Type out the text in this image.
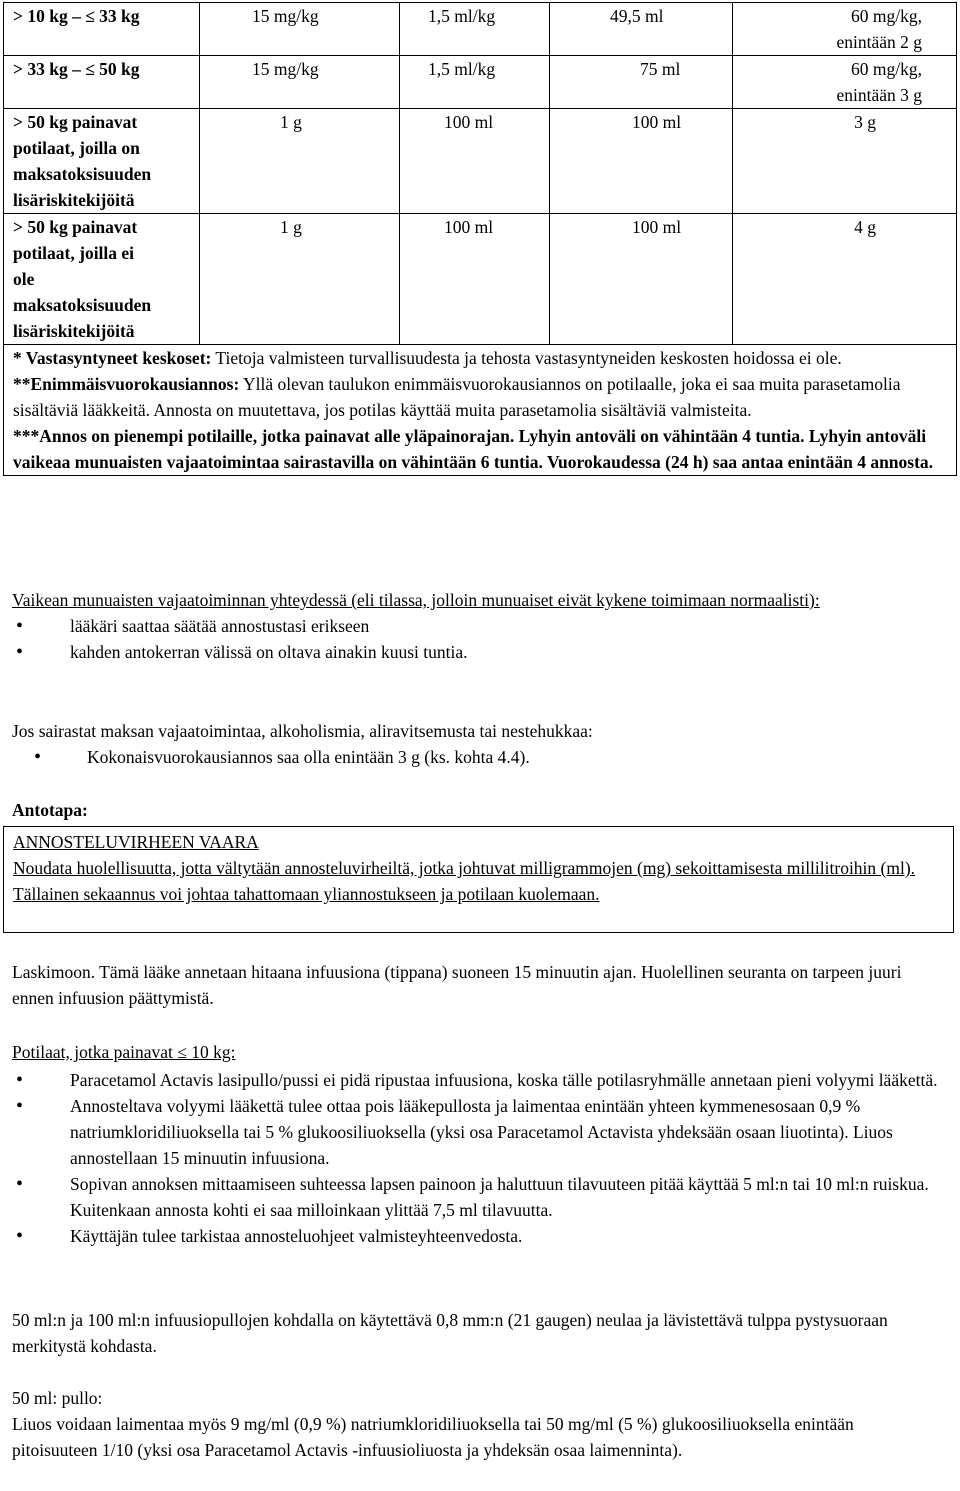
> 10 kg – ≤ 33 kg	15 mg/kg	1,5 ml/kg	49,5 ml	60 mg/kg,
enintään 2 g
> 33 kg – ≤ 50 kg	15 mg/kg	1,5 ml/kg	75 ml	60 mg/kg,
enintään 3 g
> 50 kg painavat
potilaat, joilla on
maksatoksisuuden
lisäriskitekijöitä	1 g	100 ml	100 ml	3 g
> 50 kg painavat
potilaat, joilla ei
ole
maksatoksisuuden
lisäriskitekijöitä	1 g	100 ml	100 ml	4 g

* Vastasyntyneet keskoset: Tietoja valmisteen turvallisuudesta ja tehosta vastasyntyneiden keskosten hoidossa ei ole.
**Enimmäisvuorokausiannos: Yllä olevan taulukon enimmäisvuorokausiannos on potilaalle, joka ei saa muita parasetamolia sisältäviä lääkkeitä. Annosta on muutettava, jos potilas käyttää muita parasetamolia sisältäviä valmisteita.
***Annos on pienempi potilaille, jotka painavat alle yläpainorajan. Lyhyin antoväli on vähintään 4 tuntia. Lyhyin antoväli vaikeaa munuaisten vajaatoimintaa sairastavilla on vähintään 6 tuntia. Vuorokaudessa (24 h) saa antaa enintään 4 annosta.				
Vaikean munuaisten vajaatoiminnan yhteydessä (eli tilassa, jolloin munuaiset eivät kykene toimimaan normaalisti):
• lääkäri saattaa säätää annostustasi erikseen
• kahden antokerran välissä on oltava ainakin kuusi tuntia.
Jos sairastat maksan vajaatoimintaa, alkoholismia, aliravitsemusta tai nestehukkaa:
• Kokonaisvuorokausiannos saa olla enintään 3 g (ks. kohta 4.4).
Antotapa:
ANNOSTELUVIRHEEN VAARA
Noudata huolellisuutta, jotta vältytään annosteluvirheiltä, jotka johtuvat milligrammojen (mg) sekoittamisesta millilitroihin (ml). Tällainen sekaannus voi johtaa tahattomaan yliannostukseen ja potilaan kuolemaan.
Laskimoon. Tämä lääke annetaan hitaana infuusiona (tippana) suoneen 15 minuutin ajan. Huolellinen seuranta on tarpeen juuri ennen infuusion päättymistä.
Potilaat, jotka painavat ≤ 10 kg:
• Paracetamol Actavis lasipullo/pussi ei pidä ripustaa infuusiona, koska tälle potilasryhmälle annetaan pieni volyymi lääkettä.
• Annosteltava volyymi lääkettä tulee ottaa pois lääkepullosta ja laimentaa enintään yhteen kymmenesosaan 0,9 % natriumkloridiliuoksella tai 5 % glukoosiliuoksella (yksi osa Paracetamol Actavista yhdeksään osaan liuotinta). Liuos annostellaan 15 minuutin infuusiona.
• Sopivan annoksen mittaamiseen suhteessa lapsen painoon ja haluttuun tilavuuteen pitää käyttää 5 ml:n tai 10 ml:n ruiskua. Kuitenkaan annosta kohti ei saa milloinkaan ylittää 7,5 ml tilavuutta.
• Käyttäjän tulee tarkistaa annosteluohjeet valmisteyhteenvedosta.
50 ml:n ja 100 ml:n infuusiopullojen kohdalla on käytettävä 0,8 mm:n (21 gaugen) neulaa ja lävistettävä tulppa pystysuoraan merkitystä kohdasta.
50 ml: pullo:
Liuos voidaan laimentaa myös 9 mg/ml (0,9 %) natriumkloridiliuoksella tai 50 mg/ml (5 %) glukoosiliuoksella enintään pitoisuuteen 1/10 (yksi osa Paracetamol Actavis -infuusioliuosta ja yhdeksän osaa laimenninta).
